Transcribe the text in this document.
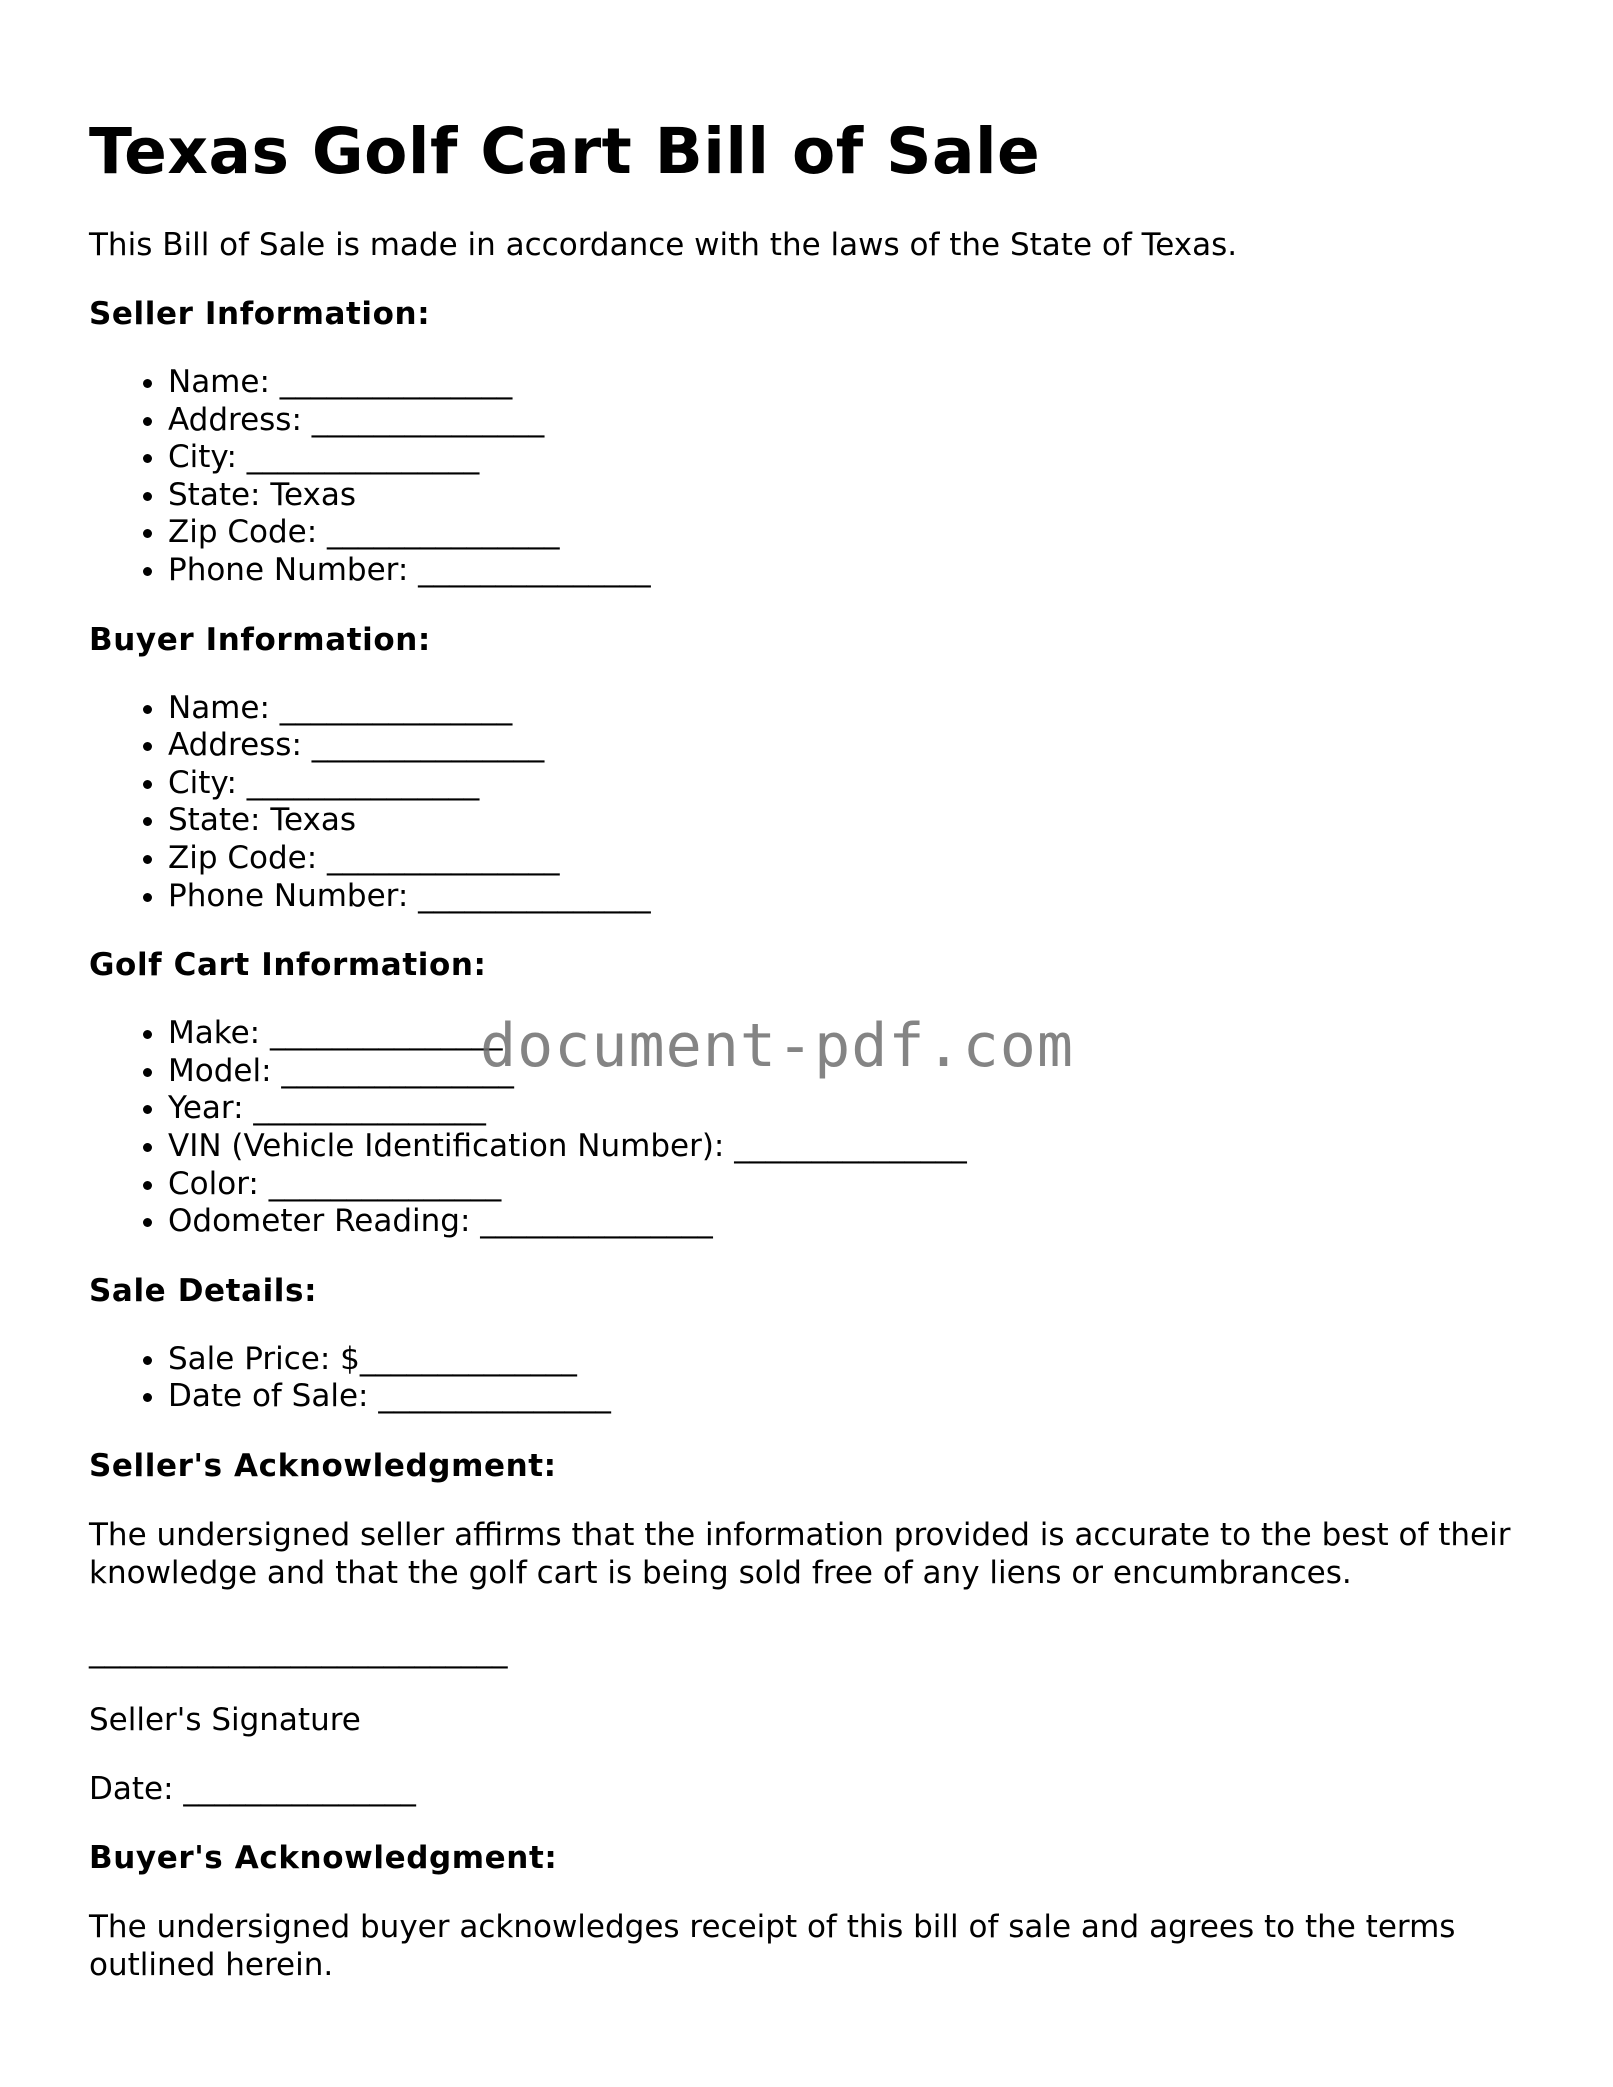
Texas Golf Cart Bill of Sale

This Bill of Sale is made in accordance with the laws of the State of Texas.

Seller Information:
• Name: _______________
• Address: _______________
• City: _______________
• State: Texas
• Zip Code: _______________
• Phone Number: _______________
Buyer Information:
• Name: _______________
• Address: _______________
• City: _______________
• State: Texas
• Zip Code: _______________
• Phone Number: _______________
Golf Cart Information:
• Make: _______________
• Model: _______________
• Year: _______________
• VIN (Vehicle Identification Number): _______________
• Color: _______________
• Odometer Reading: _______________
Sale Details:
• Sale Price: $______________
• Date of Sale: _______________
Seller's Acknowledgment:

The undersigned seller affirms that the information provided is accurate to the best of their knowledge and that the golf cart is being sold free of any liens or encumbrances.

___________________________

Seller's Signature

Date: _______________

Buyer's Acknowledgment:

The undersigned buyer acknowledges receipt of this bill of sale and agrees to the terms outlined herein.

document-pdf.com
